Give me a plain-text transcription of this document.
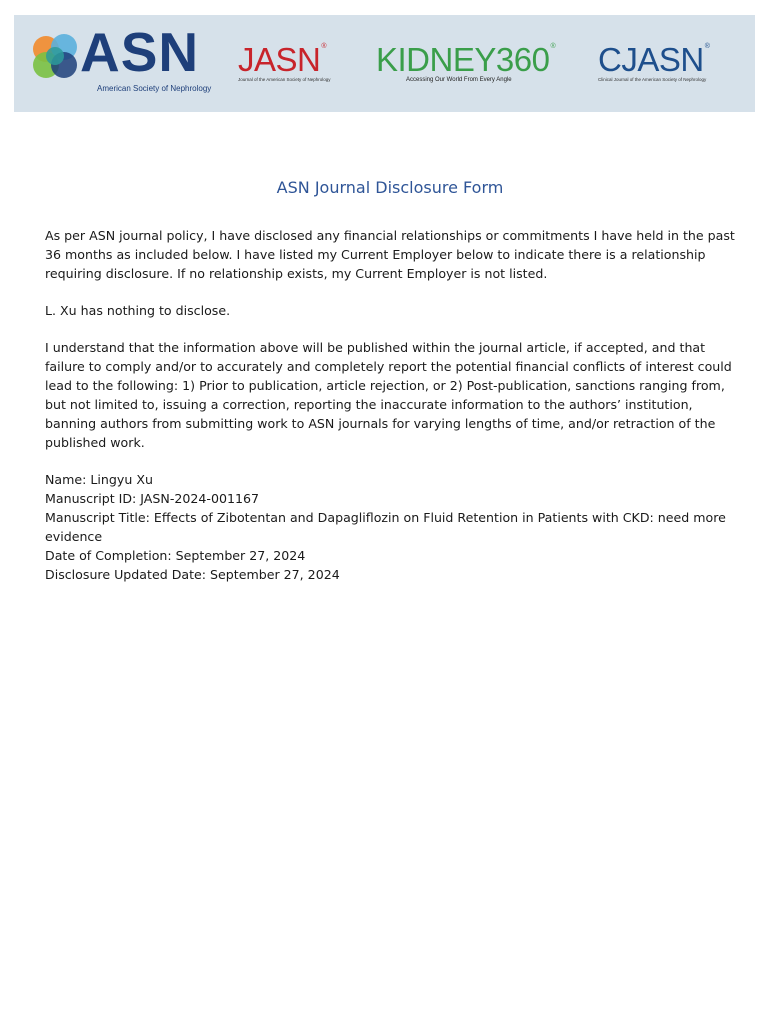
ASN
American Society of Nephrology
JASN®
Journal of the American Society of Nephrology
KIDNEY360®
Accessing Our World From Every Angle
CJASN®
Clinical Journal of the American Society of Nephrology
ASN Journal Disclosure Form

As per ASN journal policy, I have disclosed any financial relationships or commitments I have held in the past 36 months as included below. I have listed my Current Employer below to indicate there is a relationship requiring disclosure. If no relationship exists, my Current Employer is not listed.

L. Xu has nothing to disclose.

I understand that the information above will be published within the journal article, if accepted, and that failure to comply and/or to accurately and completely report the potential financial conflicts of interest could lead to the following: 1) Prior to publication, article rejection, or 2) Post-publication, sanctions ranging from, but not limited to, issuing a correction, reporting the inaccurate information to the authors’ institution, banning authors from submitting work to ASN journals for varying lengths of time, and/or retraction of the published work.

Name: Lingyu Xu

Manuscript ID: JASN-2024-001167

Manuscript Title: Effects of Zibotentan and Dapagliflozin on Fluid Retention in Patients with CKD: need more evidence

Date of Completion: September 27, 2024

Disclosure Updated Date: September 27, 2024
